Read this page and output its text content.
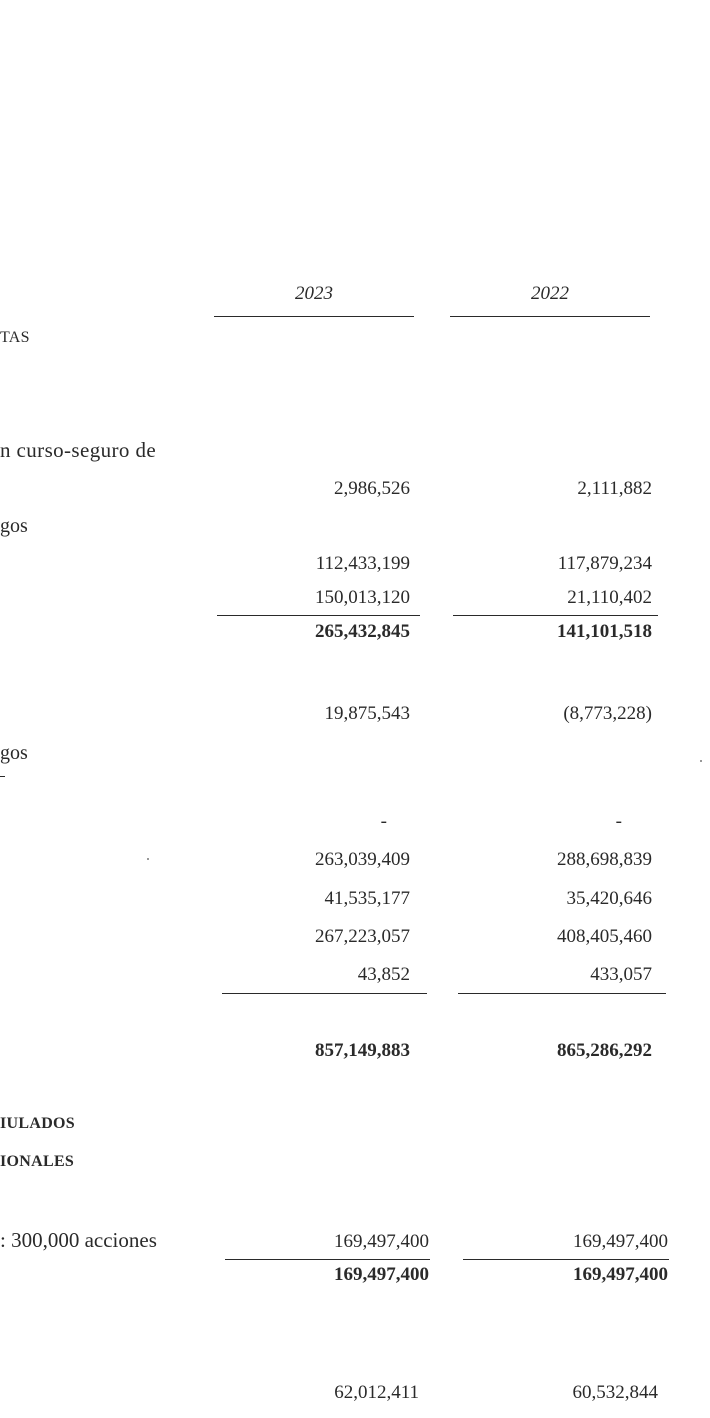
2023	2022
TAS
n curso-seguro de
2,986,526	2,111,882
gos
112,433,199	117,879,234
150,013,120	21,110,402
265,432,845	141,101,518
19,875,543	(8,773,228)
gos
-	-
263,039,409	288,698,839
41,535,177	35,420,646
267,223,057	408,405,460
43,852	433,057
857,149,883	865,286,292
IULADOS
IONALES
: 300,000 acciones	169,497,400	169,497,400
169,497,400	169,497,400
62,012,411	60,532,844
